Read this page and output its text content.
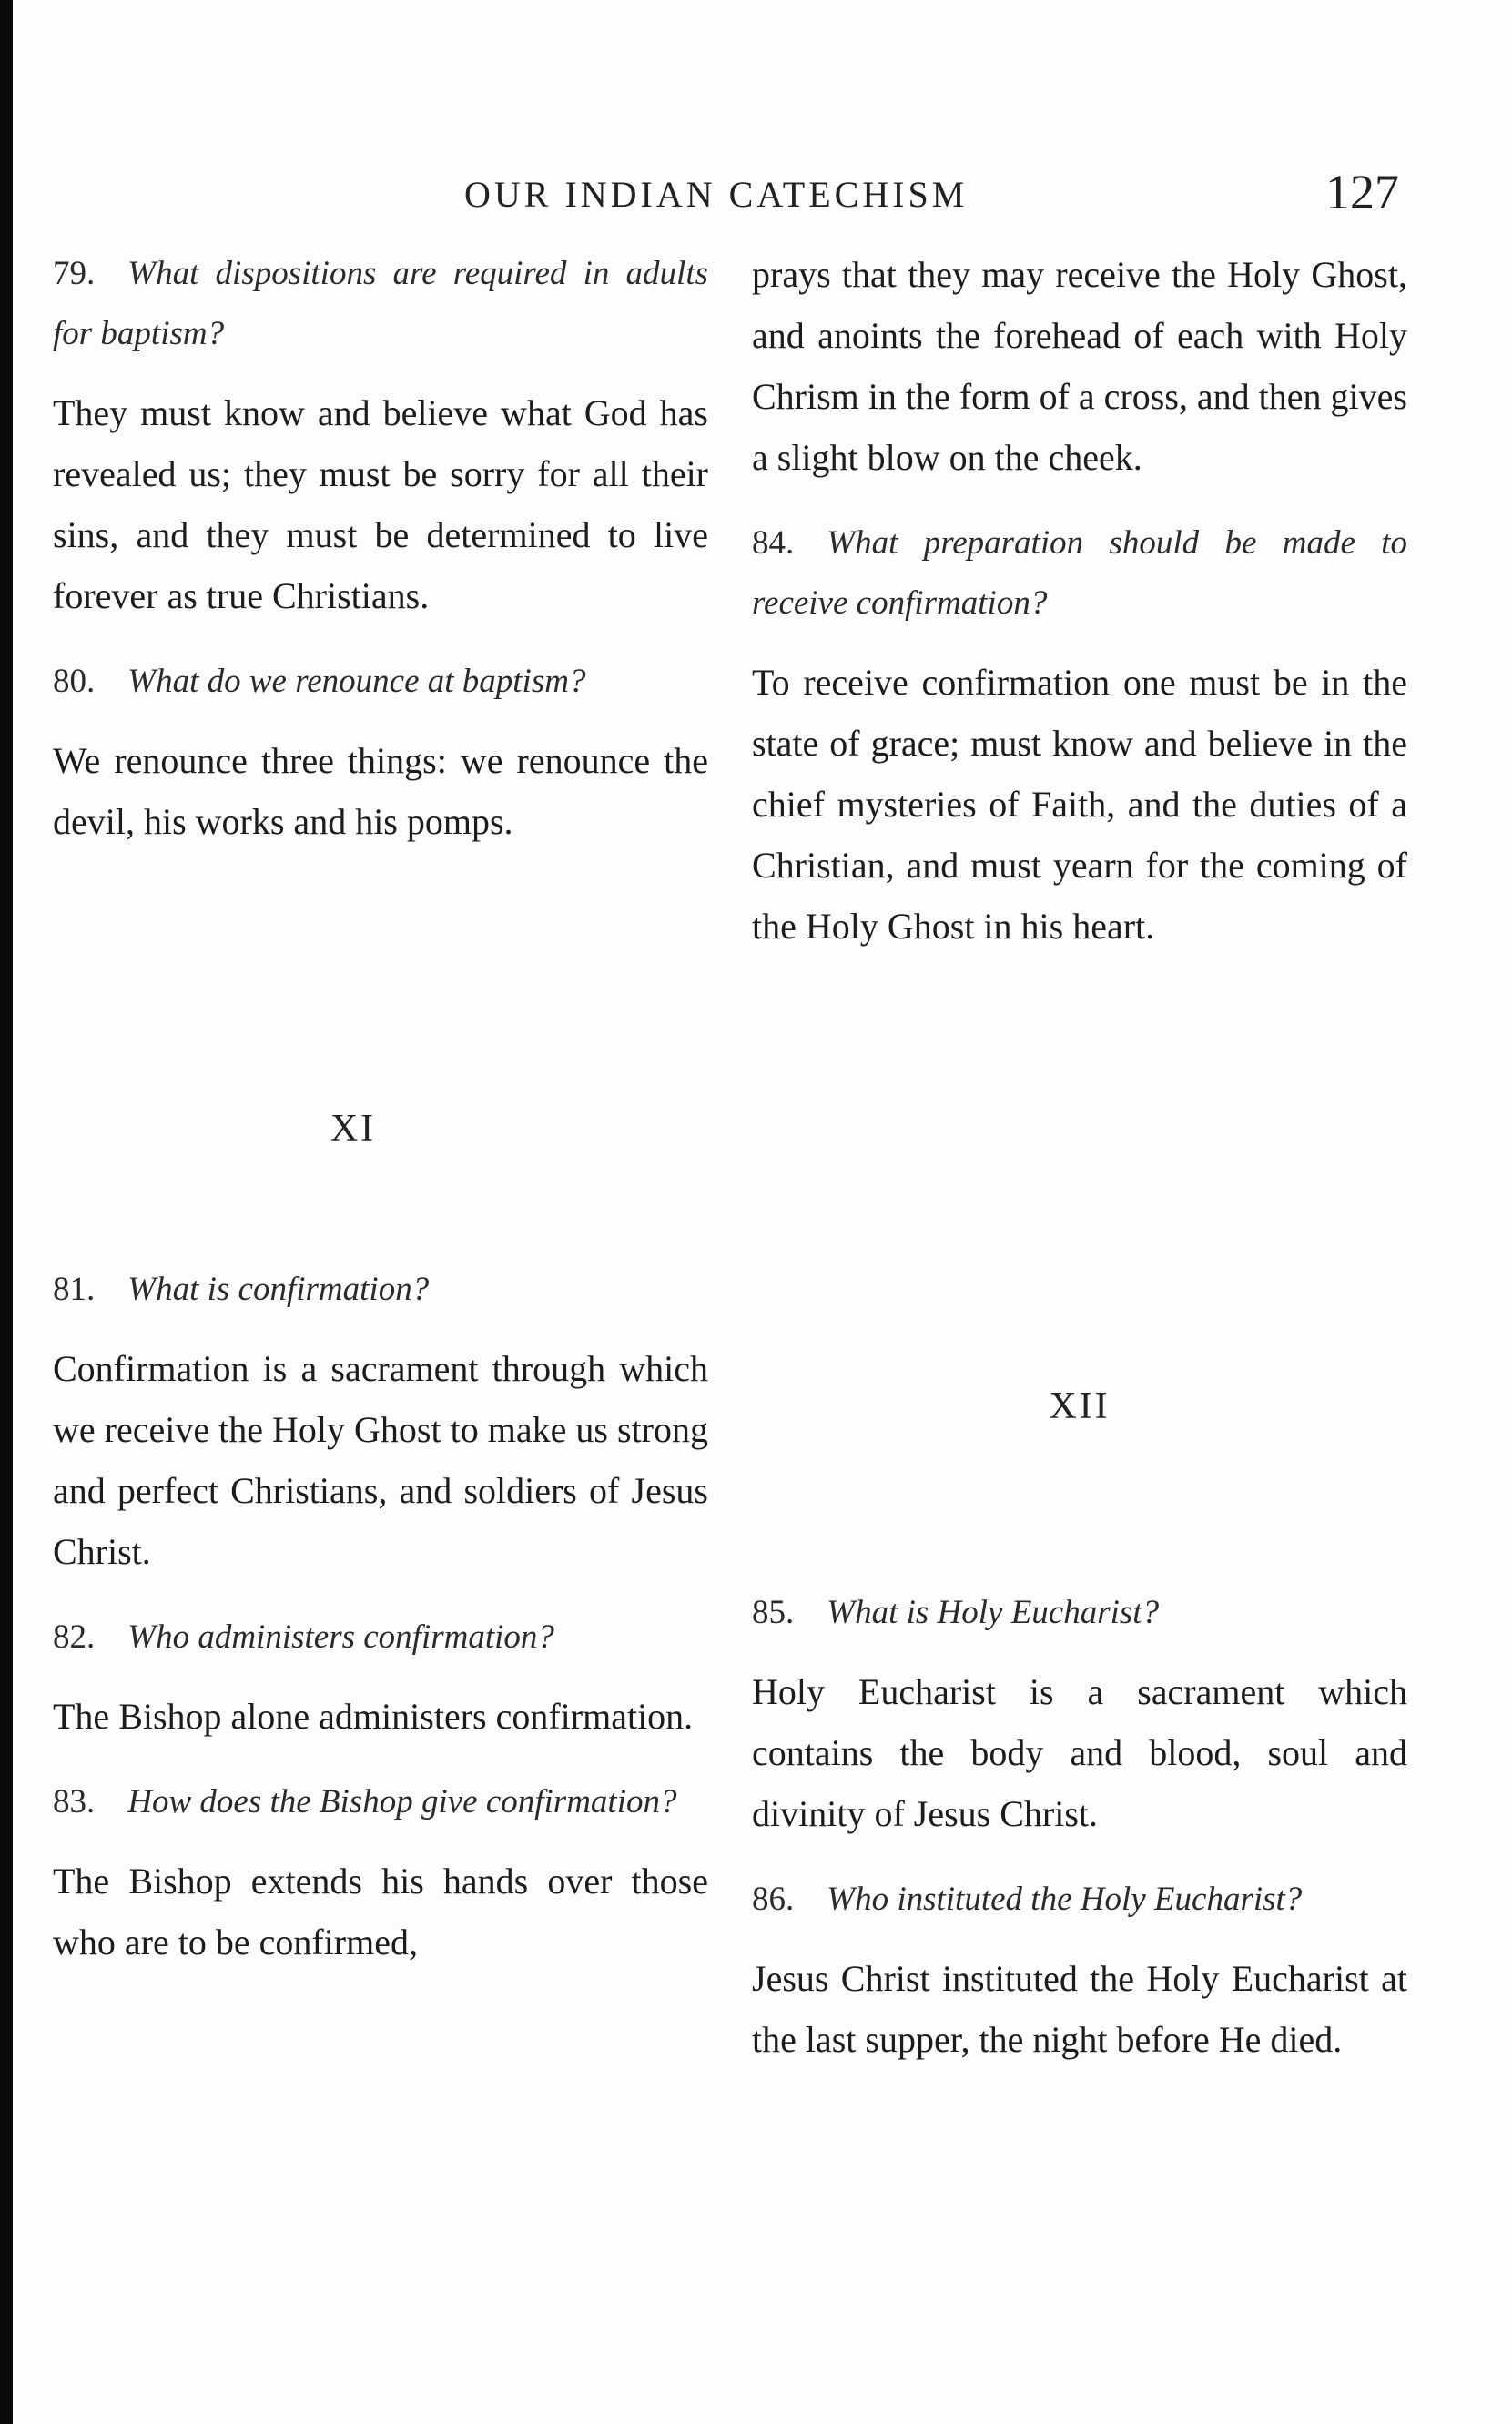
OUR INDIAN CATECHISM	127

79. What dispositions are required in adults for baptism?

They must know and believe what God has revealed us; they must be sorry for all their sins, and they must be determined to live forever as true Christians.

80. What do we renounce at baptism?

We renounce three things: we renounce the devil, his works and his pomps.

XI

81. What is confirmation?

Confirmation is a sacrament through which we receive the Holy Ghost to make us strong and perfect Christians, and soldiers of Jesus Christ.

82. Who administers confirmation?

The Bishop alone administers confirmation.

83. How does the Bishop give confirmation?

The Bishop extends his hands over those who are to be confirmed,

prays that they may receive the Holy Ghost, and anoints the forehead of each with Holy Chrism in the form of a cross, and then gives a slight blow on the cheek.

84. What preparation should be made to receive confirmation?

To receive confirmation one must be in the state of grace; must know and believe in the chief mysteries of Faith, and the duties of a Christian, and must yearn for the coming of the Holy Ghost in his heart.

XII

85. What is Holy Eucharist?

Holy Eucharist is a sacrament which contains the body and blood, soul and divinity of Jesus Christ.

86. Who instituted the Holy Eucharist?

Jesus Christ instituted the Holy Eucharist at the last supper, the night before He died.
